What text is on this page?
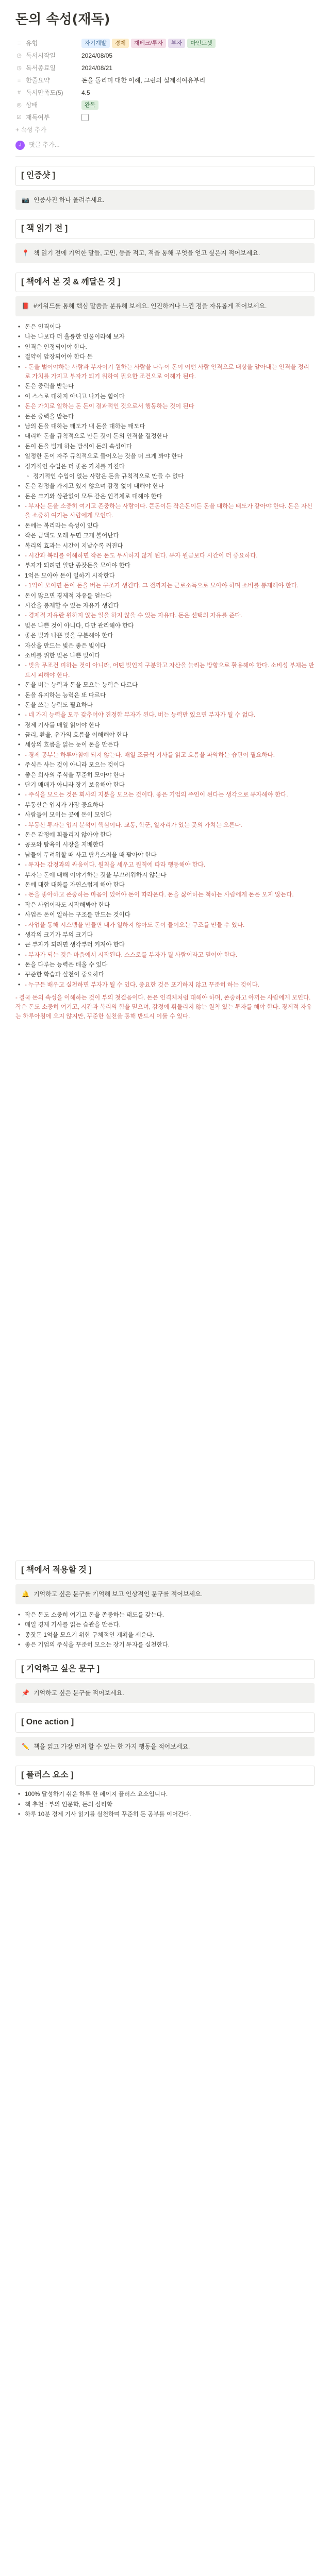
돈의 속성(재독)
≡ 유형	자기계발	경제	재테크/투자	부자	마인드셋
◷ 독서시작일	2024/08/05
◷ 독서종료일	2024/08/21
≡ 한줄요약	돈을 돌리며 대한 이해, 그런의 실제적여유부리
# 독서만족도(5)	4.5
◎ 상태	완독
☑ 재독여부
+ 속성 추가
J	댓글 추가...
[ 인증샷 ]
📷 인증사진 하나 올려주세요.
[ 책 읽기 전 ]
📍 책 읽기 전에 기억한 말들, 고민, 등을 적고, 적을 통해 무엇을 얻고 싶은지 적어보세요.
[ 책에서 본 것 & 깨달은 것 ]
📕 #키워드를 통해 핵심 말씀을 분류해 보세요. 인진하거나 느낀 점을 자유롭게 적어보세요.
• 돈은 인격이다
• 나는 나보다 더 훌륭한 인물이라해 보자
• 인격은 인정되어야 한다.
• 절약이 앞장되어야 한다 돈
• - 돈을 벌어야하는 사람과 부자이기 원하는 사람을 나누어 돈이 어떤 사람 인격으로 대상을 알아내는 인격을 정리로 가치를 가지고 부자가 되기 위하여 필요한 조건으로 이해가 된다.
• 돈은 중력을 받는다
• 이 스스로 대하지 아니고 나가는 힘이다
• 돈은 가치로 일하는 돈 돈이 결과적인 것으로서 행동하는 것이 된다
• 돈은 중력을 받는다
• 남의 돈을 대하는 태도가 내 돈을 대하는 태도다
• 대리해 돈을 규칙적으로 만든 것이 돈의 인격을 결정한다
• 돈이 돈을 벌게 하는 방식이 돈의 속성이다
• 일정한 돈이 자주 규칙적으로 들어오는 것을 더 크게 봐야 한다
• 정기적인 수입은 더 좋은 가치를 가진다
◦ 정기적인 수입이 없는 사람은 돈을 규칙적으로 만들 수 없다
• 돈은 감정을 가지고 있지 않으며 감정 없이 대해야 한다
• 돈은 크기와 상관없이 모두 같은 인격체로 대해야 한다
• - 부자는 돈을 소중히 여기고 존중하는 사람이다. 큰돈이든 작은돈이든 돈을 대하는 태도가 같아야 한다. 돈은 자신을 소중히 여기는 사람에게 모인다.
• 돈에는 복리라는 속성이 있다
• 작은 금액도 오래 두면 크게 불어난다
• 복리의 효과는 시간이 지날수록 커진다
• - 시간과 복리를 이해하면 작은 돈도 무시하지 않게 된다. 투자 원금보다 시간이 더 중요하다.
• 부자가 되려면 일단 종잣돈을 모아야 한다
• 1억은 모아야 돈이 일하기 시작한다
• - 1억이 모이면 돈이 돈을 버는 구조가 생긴다. 그 전까지는 근로소득으로 모아야 하며 소비를 통제해야 한다.
• 돈이 많으면 경제적 자유를 얻는다
• 시간을 통제할 수 있는 자유가 생긴다
• - 경제적 자유란 원하지 않는 일을 하지 않을 수 있는 자유다. 돈은 선택의 자유를 준다.
• 빚은 나쁜 것이 아니다, 다만 관리해야 한다
• 좋은 빚과 나쁜 빚을 구분해야 한다
• 자산을 만드는 빚은 좋은 빚이다
• 소비를 위한 빚은 나쁜 빚이다
• - 빚을 무조건 피하는 것이 아니라, 어떤 빚인지 구분하고 자산을 늘리는 방향으로 활용해야 한다. 소비성 부채는 반드시 피해야 한다.
• 돈을 버는 능력과 돈을 모으는 능력은 다르다
• 돈을 유지하는 능력은 또 다르다
• 돈을 쓰는 능력도 필요하다
• - 네 가지 능력을 모두 갖추어야 진정한 부자가 된다. 버는 능력만 있으면 부자가 될 수 없다.
• 경제 기사를 매일 읽어야 한다
• 금리, 환율, 유가의 흐름을 이해해야 한다
• 세상의 흐름을 읽는 눈이 돈을 만든다
• - 경제 공부는 하루아침에 되지 않는다. 매일 조금씩 기사를 읽고 흐름을 파악하는 습관이 필요하다.
• 주식은 사는 것이 아니라 모으는 것이다
• 좋은 회사의 주식을 꾸준히 모아야 한다
• 단기 매매가 아니라 장기 보유해야 한다
• - 주식을 모으는 것은 회사의 지분을 모으는 것이다. 좋은 기업의 주인이 된다는 생각으로 투자해야 한다.
• 부동산은 입지가 가장 중요하다
• 사람들이 모이는 곳에 돈이 모인다
• - 부동산 투자는 입지 분석이 핵심이다. 교통, 학군, 일자리가 있는 곳의 가치는 오른다.
• 돈은 감정에 휘둘리지 않아야 한다
• 공포와 탐욕이 시장을 지배한다
• 남들이 두려워할 때 사고 탐욕스러울 때 팔아야 한다
• - 투자는 감정과의 싸움이다. 원칙을 세우고 원칙에 따라 행동해야 한다.
• 부자는 돈에 대해 이야기하는 것을 부끄러워하지 않는다
• 돈에 대한 대화를 자연스럽게 해야 한다
• - 돈을 좋아하고 존중하는 마음이 있어야 돈이 따라온다. 돈을 싫어하는 척하는 사람에게 돈은 오지 않는다.
• 작은 사업이라도 시작해봐야 한다
• 사업은 돈이 일하는 구조를 만드는 것이다
• - 사업을 통해 시스템을 만들면 내가 일하지 않아도 돈이 들어오는 구조를 만들 수 있다.
• 생각의 크기가 부의 크기다
• 큰 부자가 되려면 생각부터 커져야 한다
• - 부자가 되는 것은 마음에서 시작된다. 스스로를 부자가 될 사람이라고 믿어야 한다.
• 돈을 다루는 능력은 배울 수 있다
• 꾸준한 학습과 실천이 중요하다
• - 누구든 배우고 실천하면 부자가 될 수 있다. 중요한 것은 포기하지 않고 꾸준히 하는 것이다.

- 결국 돈의 속성을 이해하는 것이 부의 첫걸음이다. 돈은 인격체처럼 대해야 하며, 존중하고 아끼는 사람에게 모인다. 작은 돈도 소중히 여기고, 시간과 복리의 힘을 믿으며, 감정에 휘둘리지 않는 원칙 있는 투자를 해야 한다. 경제적 자유는 하루아침에 오지 않지만, 꾸준한 실천을 통해 반드시 이룰 수 있다.

[ 책에서 적용할 것 ]
🔔 기억하고 싶은 문구를 기억해 보고 인상적인 문구를 적어보세요.
• 작은 돈도 소중히 여기고 돈을 존중하는 태도를 갖는다.
• 매일 경제 기사를 읽는 습관을 만든다.
• 종잣돈 1억을 모으기 위한 구체적인 계획을 세운다.
• 좋은 기업의 주식을 꾸준히 모으는 장기 투자를 실천한다.
[ 기억하고 싶은 문구 ]
📌 기억하고 싶은 문구를 적어보세요.
[ One action ]
✏️ 책을 읽고 가장 먼저 할 수 있는 한 가지 행동을 적어보세요.
[ 플러스 요소 ]
• 100% 달성하기 쉬운 하루 한 페이지 플러스 요소입니다.
• 책 추천 : 부의 인문학, 돈의 심리학
• 하루 10분 경제 기사 읽기를 실천하며 꾸준히 돈 공부를 이어간다.
